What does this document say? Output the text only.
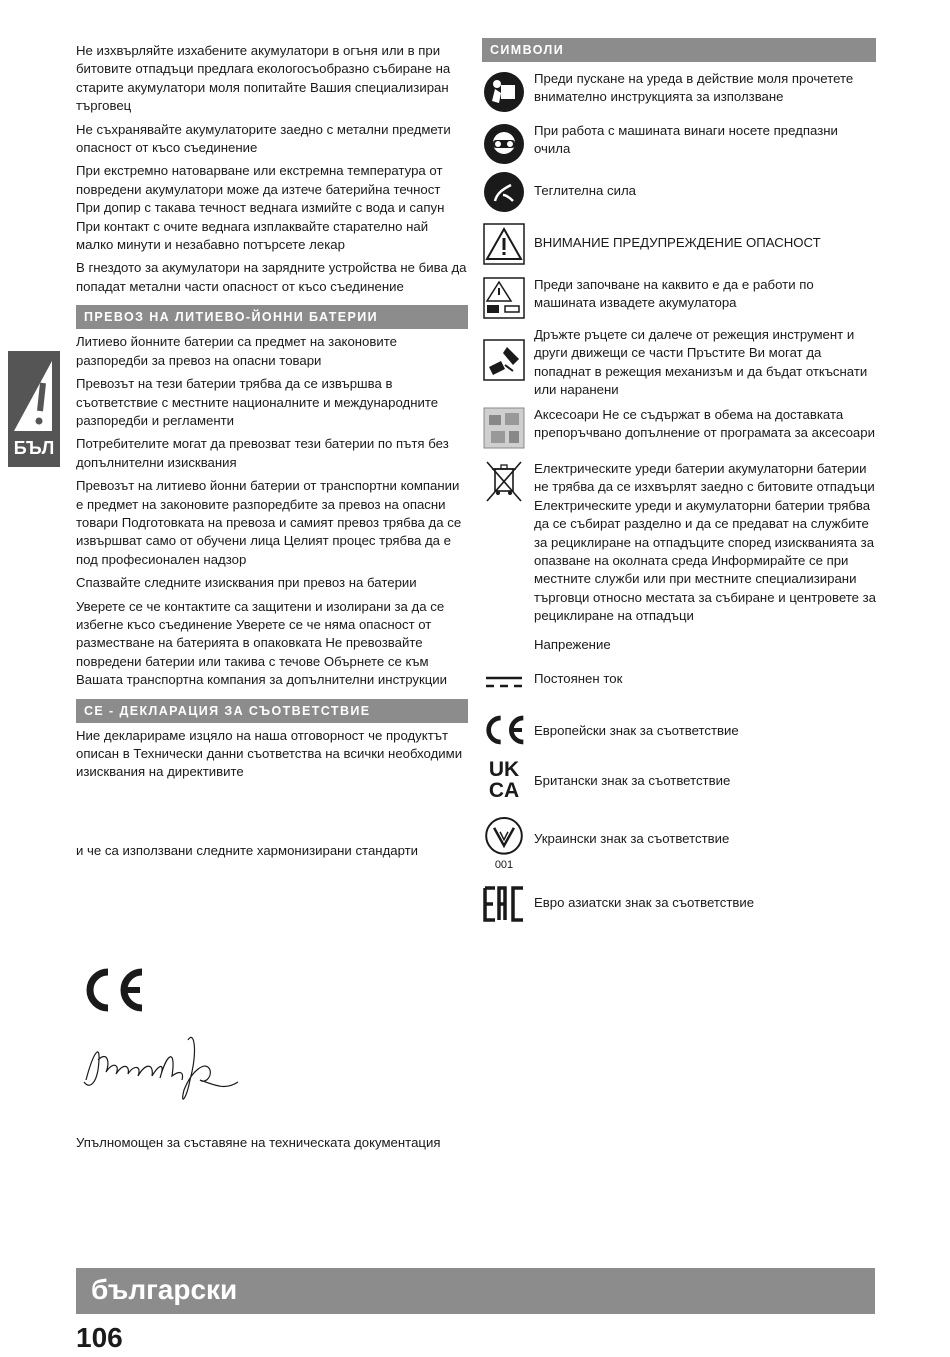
Не изхвърляйте изхабените акумулатори в огъня или в при битовите отпадъци предлага екологосъобразно събиране на старите акумулатори моля попитайте Вашия специализиран търговец

Не съхранявайте акумулаторите заедно с метални предмети опасност от късо съединение

При екстремно натоварване или екстремна температура от повредени акумулатори може да изтече батерийна течност При допир с такава течност веднага измийте с вода и сапун При контакт с очите веднага изплаквайте старателно най малко минути и незабавно потърсете лекар

В гнездото за акумулатори на зарядните устройства не бива да попадат метални части опасност от късо съединение

ПРЕВОЗ НА ЛИТИЕВО-ЙОННИ БАТЕРИИ

Литиево йонните батерии са предмет на законовите разпоредби за превоз на опасни товари

Превозът на тези батерии трябва да се извършва в съответствие с местните националните и международните разпоредби и регламенти

Потребителите могат да превозват тези батерии по пътя без допълнителни изисквания

Превозът на литиево йонни батерии от транспортни компании е предмет на законовите разпоредбите за превоз на опасни товари Подготовката на превоза и самият превоз трябва да се извършват само от обучени лица Целият процес трябва да е под професионален надзор

Спазвайте следните изисквания при превоз на батерии

Уверете се че контактите са защитени и изолирани за да се избегне късо съединение Уверете се че няма опасност от разместване на батерията в опаковката Не превозвайте повредени батерии или такива с течове Обърнете се към Вашата транспортна компания за допълнителни инструкции

CE - ДЕКЛАРАЦИЯ ЗА СЪОТВЕТСТВИЕ

Ние декларираме изцяло на наша отговорност че продуктът описан в Технически данни съответства на всички необходими изисквания на директивите

и че са използвани следните хармонизирани стандарти

Упълномощен за съставяне на техническата документация
СИМВОЛИ
Преди пускане на уреда в действие моля прочетете внимателно инструкцията за използване
При работа с машината винаги носете предпазни очила
Теглителна сила
ВНИМАНИЕ ПРЕДУПРЕЖДЕНИЕ ОПАСНОСТ
Преди започване на каквито е да е работи по машината извадете акумулатора
Дръжте ръцете си далече от режещия инструмент и други движещи се части Пръстите Ви могат да попаднат в режещия механизъм и да бъдат откъснати или наранени
Аксесоари Не се съдържат в обема на доставката препоръчвано допълнение от програмата за аксесоари
Електрическите уреди батерии акумулаторни батерии не трябва да се изхвърлят заедно с битовите отпадъци Електрическите уреди и акумулаторни батерии трябва да се събират разделно и да се предават на службите за рециклиране на отпадъците според изискванията за опазване на околната среда Информирайте се при местните служби или при местните специализирани търговци относно местата за събиране и центровете за рециклиране на отпадъци
Напрежение
Постоянен ток
Европейски знак за съответствие
UK
CA	Британски знак за съответствие
001
Украински знак за съответствие
Евро азиатски знак за съответствие
БЪЛ
български
106
